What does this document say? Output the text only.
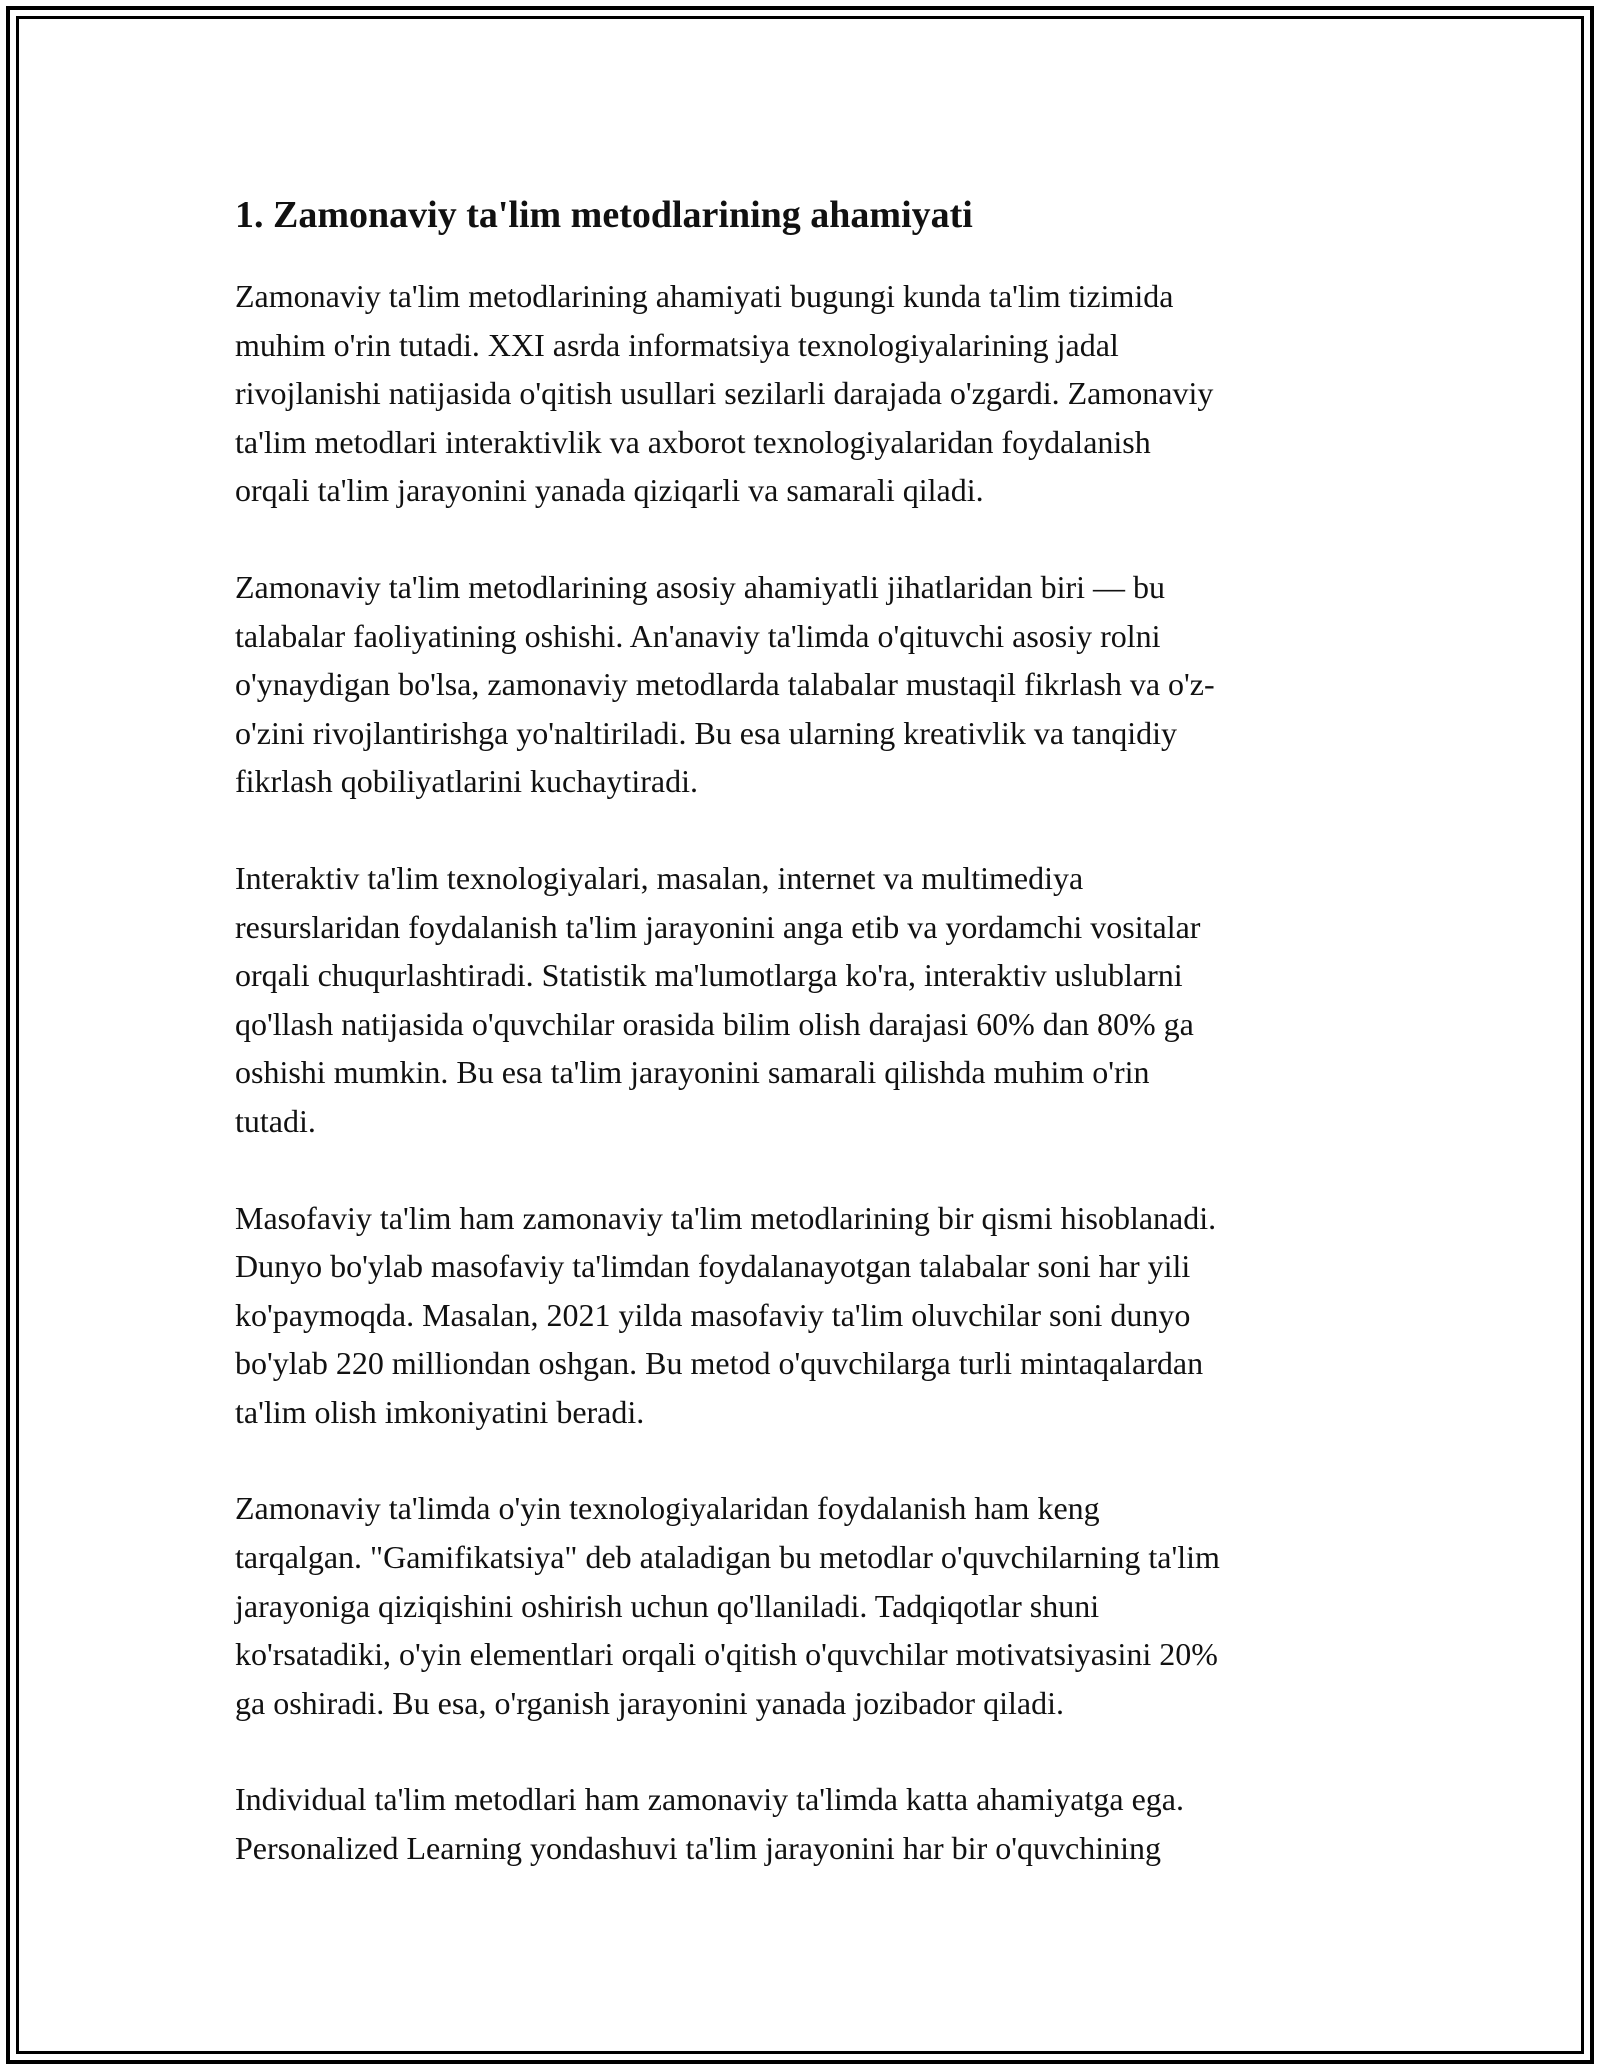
1. Zamonaviy ta'lim metodlarining ahamiyati

Zamonaviy ta'lim metodlarining ahamiyati bugungi kunda ta'lim tizimida
muhim o'rin tutadi. XXI asrda informatsiya texnologiyalarining jadal
rivojlanishi natijasida o'qitish usullari sezilarli darajada o'zgardi. Zamonaviy
ta'lim metodlari interaktivlik va axborot texnologiyalaridan foydalanish
orqali ta'lim jarayonini yanada qiziqarli va samarali qiladi.

Zamonaviy ta'lim metodlarining asosiy ahamiyatli jihatlaridan biri — bu
talabalar faoliyatining oshishi. An'anaviy ta'limda o'qituvchi asosiy rolni
o'ynaydigan bo'lsa, zamonaviy metodlarda talabalar mustaqil fikrlash va o'z-
o'zini rivojlantirishga yo'naltiriladi. Bu esa ularning kreativlik va tanqidiy
fikrlash qobiliyatlarini kuchaytiradi.

Interaktiv ta'lim texnologiyalari, masalan, internet va multimediya
resurslaridan foydalanish ta'lim jarayonini anga etib va yordamchi vositalar
orqali chuqurlashtiradi. Statistik ma'lumotlarga ko'ra, interaktiv uslublarni
qo'llash natijasida o'quvchilar orasida bilim olish darajasi 60% dan 80% ga
oshishi mumkin. Bu esa ta'lim jarayonini samarali qilishda muhim o'rin
tutadi.

Masofaviy ta'lim ham zamonaviy ta'lim metodlarining bir qismi hisoblanadi.
Dunyo bo'ylab masofaviy ta'limdan foydalanayotgan talabalar soni har yili
ko'paymoqda. Masalan, 2021 yilda masofaviy ta'lim oluvchilar soni dunyo
bo'ylab 220 milliondan oshgan. Bu metod o'quvchilarga turli mintaqalardan
ta'lim olish imkoniyatini beradi.

Zamonaviy ta'limda o'yin texnologiyalaridan foydalanish ham keng
tarqalgan. "Gamifikatsiya" deb ataladigan bu metodlar o'quvchilarning ta'lim
jarayoniga qiziqishini oshirish uchun qo'llaniladi. Tadqiqotlar shuni
ko'rsatadiki, o'yin elementlari orqali o'qitish o'quvchilar motivatsiyasini 20%
ga oshiradi. Bu esa, o'rganish jarayonini yanada jozibador qiladi.

Individual ta'lim metodlari ham zamonaviy ta'limda katta ahamiyatga ega.
Personalized Learning yondashuvi ta'lim jarayonini har bir o'quvchining
